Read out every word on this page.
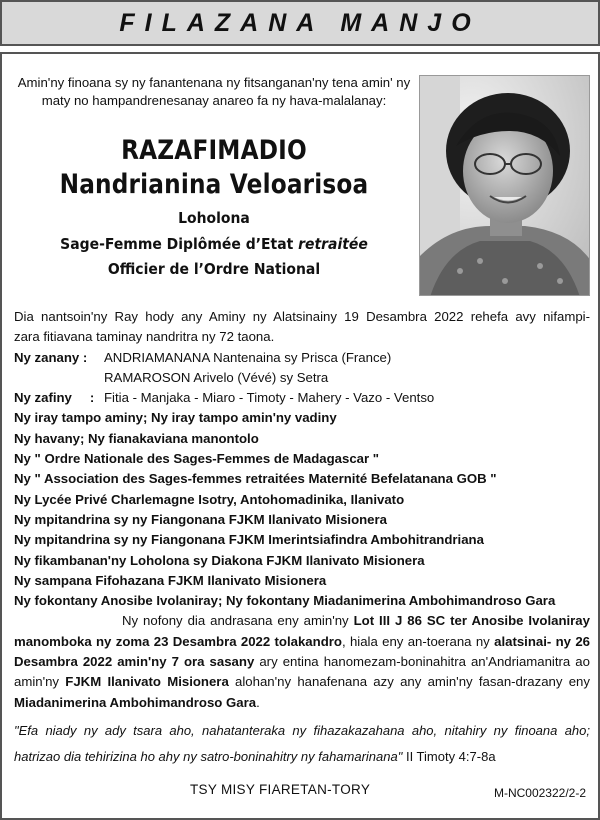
FILAZANA MANJO
Amin'ny finoana sy ny fanantenana ny fitsanganan'ny tena amin' ny maty no hampandrenesanay anareo fa ny hava-malalanay:
RAZAFIMADIO
Nandrianina Veloarisoa
Loholona
Sage-Femme Diplômée d’Etat retraitée
Officier de l’Ordre National
Dia nantsoin'ny Ray hody any Aminy ny Alatsinainy 19 Desambra 2022 rehefa avy nifampi-
zara fitiavana taminay nandritra ny 72 taona.
Ny zanany : ANDRIAMANANA Nantenaina sy Prisca (France)
RAMAROSON Arivelo (Vévé) sy Setra
Ny zafiny : Fitia - Manjaka - Miaro - Timoty - Mahery - Vazo - Ventso
Ny iray tampo aminy; Ny iray tampo amin'ny vadiny
Ny havany; Ny fianakaviana manontolo
Ny " Ordre Nationale des Sages-Femmes de Madagascar "
Ny " Association des Sages-femmes retraitées Maternité Befelatanana GOB "
Ny Lycée Privé Charlemagne Isotry, Antohomadinika, Ilanivato
Ny mpitandrina sy ny Fiangonana FJKM Ilanivato Misionera
Ny mpitandrina sy ny Fiangonana FJKM Imerintsiafindra Ambohitrandriana
Ny fikambanan'ny Loholona sy Diakona FJKM Ilanivato Misionera
Ny sampana Fifohazana FJKM Ilanivato Misionera
Ny fokontany Anosibe Ivolaniray; Ny fokontany Miadanimerina Ambohimandroso Gara
Ny nofony dia andrasana eny amin'ny Lot III J 86 SC ter Anosibe Ivolaniray manomboka ny zoma 23 Desambra 2022 tolakandro, hiala eny an-toerana ny alatsinai- ny 26 Desambra 2022 amin'ny 7 ora sasany ary entina hanomezam-boninahitra an'Andriamanitra ao amin'ny FJKM Ilanivato Misionera alohan'ny hanafenana azy any amin'ny fasan-drazany eny Miadanimerina Ambohimandroso Gara.
"Efa niady ny ady tsara aho, nahatanteraka ny fihazakazahana aho, nitahiry ny finoana aho; hatrizao dia tehirizina ho ahy ny satro-boninahitry ny fahamarinana" II Timoty 4:7-8a
TSY MISY FIARETAN-TORY	M-NC002322/2-2
